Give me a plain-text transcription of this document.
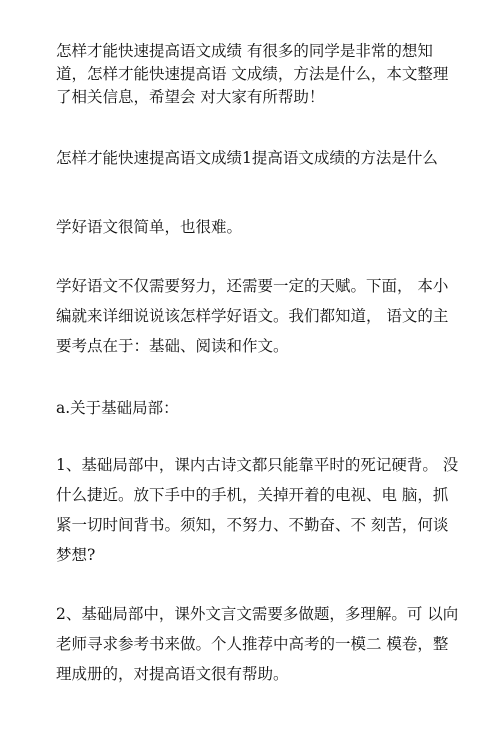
怎样才能快速提高语文成绩 有很多的同学是非常的想知
道，怎样才能快速提高语 文成绩，方法是什么，本文整理
了相关信息，希望会 对大家有所帮助！

怎样才能快速提高语文成绩1提高语文成绩的方法是什么

学好语文很简单，也很难。

学好语文不仅需要努力，还需要一定的天赋。下面， 本小
编就来详细说说该怎样学好语文。我们都知道， 语文的主
要考点在于：基础、阅读和作文。

a.关于基础局部：

1、基础局部中，课内古诗文都只能靠平时的死记硬背。 没
什么捷近。放下手中的手机，关掉开着的电视、电 脑，抓
紧一切时间背书。须知，不努力、不勤奋、不 刻苦，何谈
梦想?

2、基础局部中，课外文言文需要多做题，多理解。可 以向
老师寻求参考书来做。个人推荐中高考的一模二 模卷，整
理成册的，对提高语文很有帮助。
